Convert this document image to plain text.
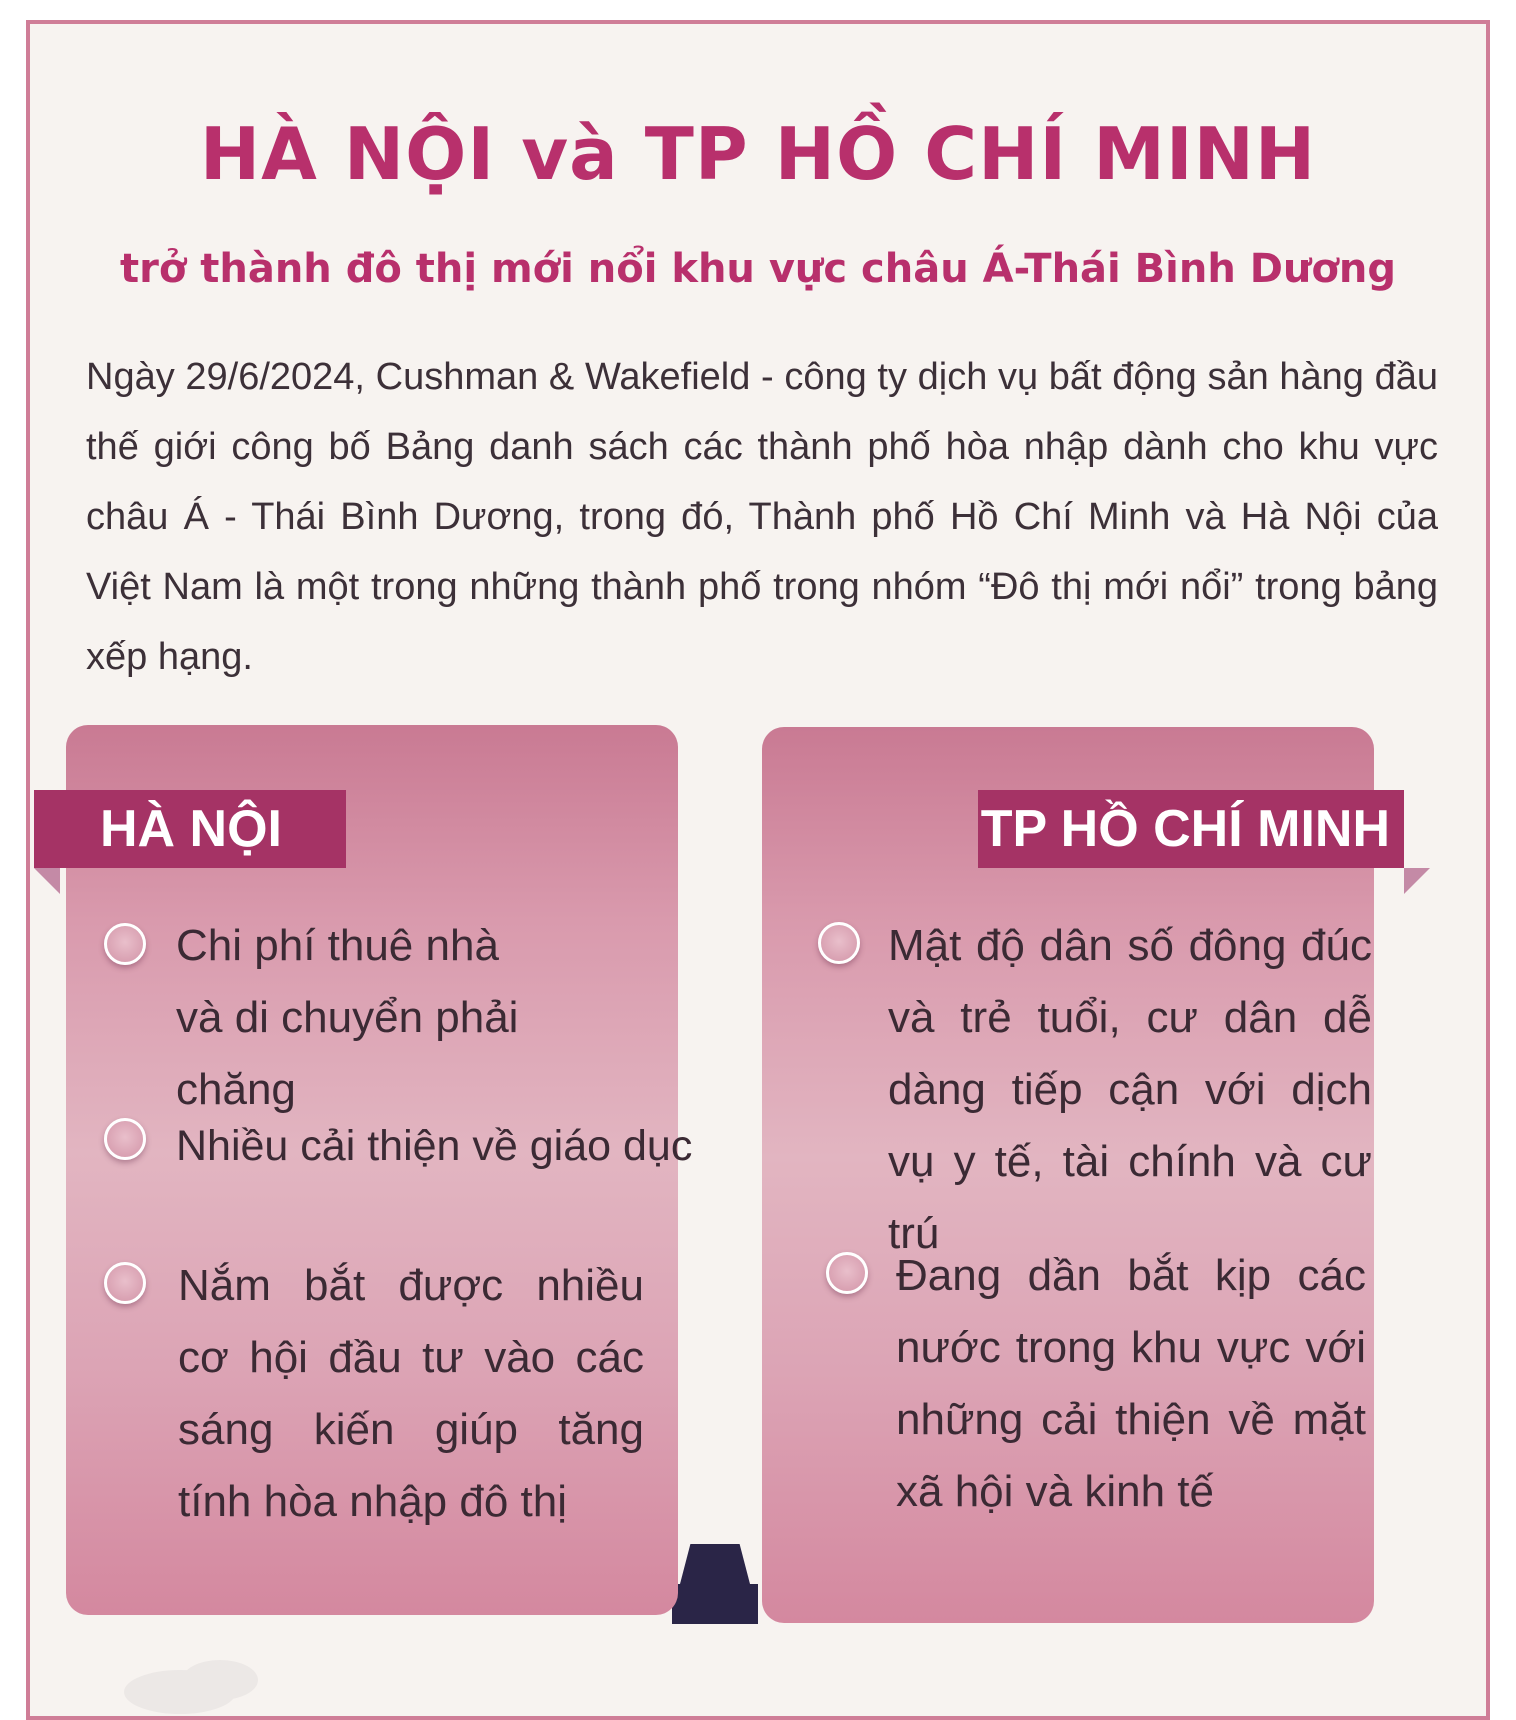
HÀ NỘI và TP HỒ CHÍ MINH
trở thành đô thị mới nổi khu vực châu Á-Thái Bình Dương

Ngày 29/6/2024, Cushman & Wakefield - công ty dịch vụ bất động sản hàng đầu thế giới công bố Bảng danh sách các thành phố hòa nhập dành cho khu vực châu Á - Thái Bình Dương, trong đó, Thành phố Hồ Chí Minh và Hà Nội của Việt Nam là một trong những thành phố trong nhóm “Đô thị mới nổi” trong bảng xếp hạng.

HÀ NỘI

Chi phí thuê nhà và di chuyển phải chăng

Nhiều cải thiện về giáo dục

Nắm bắt được nhiều cơ hội đầu tư vào các sáng kiến giúp tăng tính hòa nhập đô thị

TP HỒ CHÍ MINH

Mật độ dân số đông đúc và trẻ tuổi, cư dân dễ dàng tiếp cận với dịch vụ y tế, tài chính và cư trú

Đang dần bắt kịp các nước trong khu vực với những cải thiện về mặt xã hội và kinh tế
